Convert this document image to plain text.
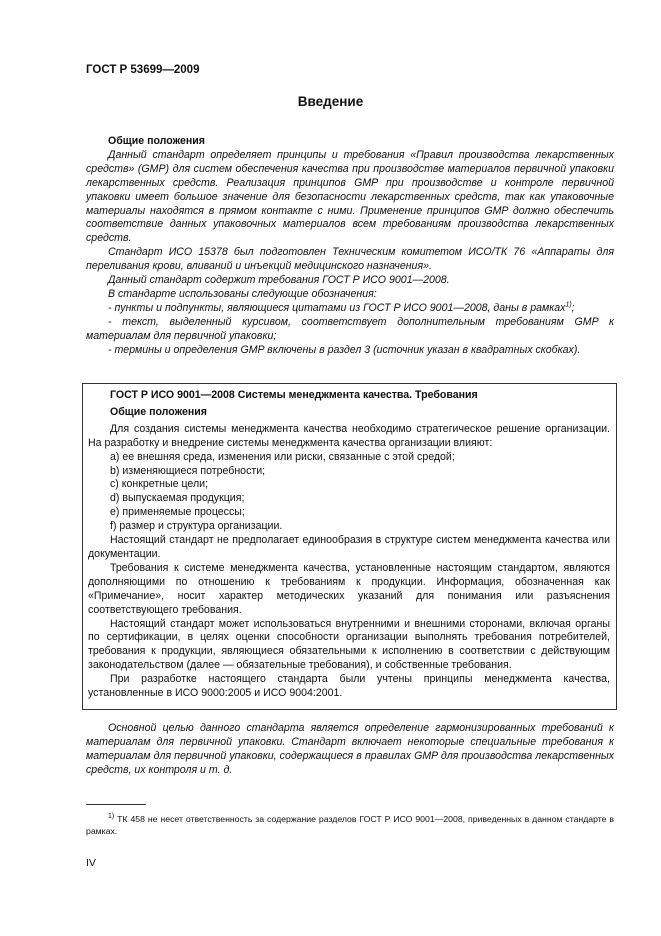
ГОСТ Р 53699—2009
Введение

Общие положения

Данный стандарт определяет принципы и требования «Правил производства лекарственных средств» (GMP) для систем обеспечения качества при производстве материалов первичной упаковки лекарственных средств. Реализация принципов GMP при производстве и контроле первичной упаковки имеет большое значение для безопасности лекарственных средств, так как упаковочные материалы находятся в прямом контакте с ними. Применение принципов GMP должно обеспечить соответствие данных упаковочных материалов всем требованиям производства лекарственных средств.

Стандарт ИСО 15378 был подготовлен Техническим комитетом ИСО/ТК 76 «Аппараты для переливания крови, вливаний и инъекций медицинского назначения».

Данный стандарт содержит требования ГОСТ Р ИСО 9001—2008.

В стандарте использованы следующие обозначения:

- пункты и подпункты, являющиеся цитатами из ГОСТ Р ИСО 9001—2008, даны в рамках$^{1)}$;

- текст, выделенный курсивом, соответствует дополнительным требованиям GMP к материалам для первичной упаковки;

- термины и определения GMP включены в раздел 3 (источник указан в квадратных скобках).

ГОСТ Р ИСО 9001—2008 Системы менеджмента качества. Требования

Общие положения

Для создания системы менеджмента качества необходимо стратегическое решение организации. На разработку и внедрение системы менеджмента качества организации влияют:

а) ее внешняя среда, изменения или риски, связанные с этой средой;

b) изменяющиеся потребности;

c) конкретные цели;

d) выпускаемая продукция;

e) применяемые процессы;

f) размер и структура организации.

Настоящий стандарт не предполагает единообразия в структуре систем менеджмента качества или документации.

Требования к системе менеджмента качества, установленные настоящим стандартом, являются дополняющими по отношению к требованиям к продукции. Информация, обозначенная как «Примечание», носит характер методических указаний для понимания или разъяснения соответствующего требования.

Настоящий стандарт может использоваться внутренними и внешними сторонами, включая органы по сертификации, в целях оценки способности организации выполнять требования потребителей, требования к продукции, являющиеся обязательными к исполнению в соответствии с действующим законодательством (далее — обязательные требования), и собственные требования.

При разработке настоящего стандарта были учтены принципы менеджмента качества, установленные в ИСО 9000:2005 и ИСО 9004:2001.

Основной целью данного стандарта является определение гармонизированных требований к материалам для первичной упаковки. Стандарт включает некоторые специальные требования к материалам для первичной упаковки, содержащиеся в правилах GMP для производства лекарственных средств, их контроля и т. д.

$^{1)}$ ТК 458 не несет ответственность за содержание разделов ГОСТ Р ИСО 9001—2008, приведенных в данном стандарте в рамках.

IV
